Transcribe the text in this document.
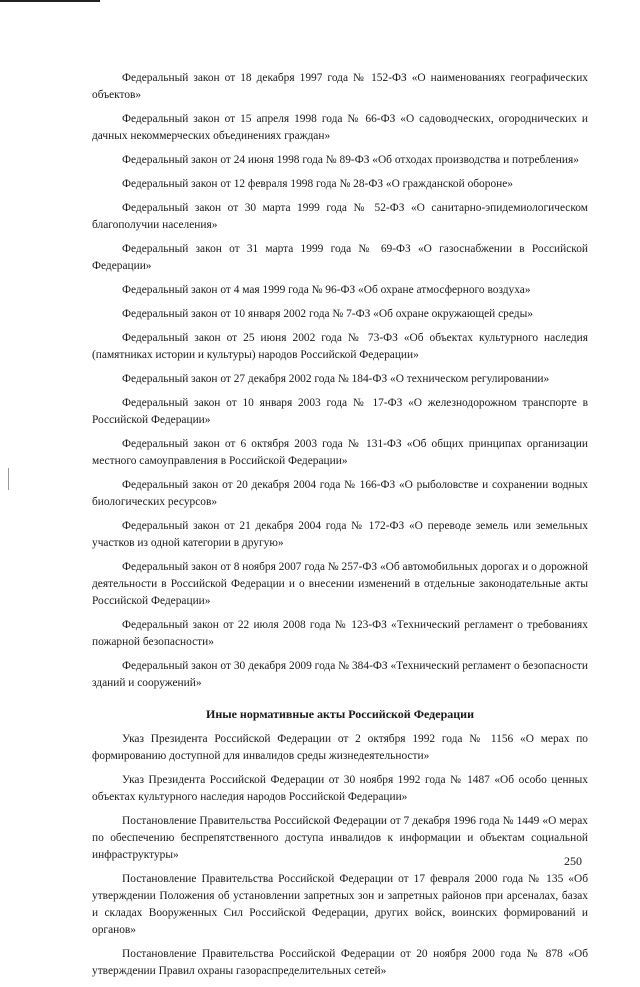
Федеральный закон от 18 декабря 1997 года № 152-ФЗ «О наименованиях географических объектов»

Федеральный закон от 15 апреля 1998 года № 66-ФЗ «О садоводческих, огороднических и дачных некоммерческих объединениях граждан»

Федеральный закон от 24 июня 1998 года № 89-ФЗ «Об отходах производства и потребления»

Федеральный закон от 12 февраля 1998 года № 28-ФЗ «О гражданской обороне»

Федеральный закон от 30 марта 1999 года № 52-ФЗ «О санитарно-эпидемиологическом благополучии населения»

Федеральный закон от 31 марта 1999 года № 69-ФЗ «О газоснабжении в Российской Федерации»

Федеральный закон от 4 мая 1999 года № 96-ФЗ «Об охране атмосферного воздуха»

Федеральный закон от 10 января 2002 года № 7-ФЗ «Об охране окружающей среды»

Федеральный закон от 25 июня 2002 года № 73-ФЗ «Об объектах культурного наследия (памятниках истории и культуры) народов Российской Федерации»

Федеральный закон от 27 декабря 2002 года № 184-ФЗ «О техническом регулировании»

Федеральный закон от 10 января 2003 года № 17-ФЗ «О железнодорожном транспорте в Российской Федерации»

Федеральный закон от 6 октября 2003 года № 131-ФЗ «Об общих принципах организации местного самоуправления в Российской Федерации»

Федеральный закон от 20 декабря 2004 года № 166-ФЗ «О рыболовстве и сохранении водных биологических ресурсов»

Федеральный закон от 21 декабря 2004 года № 172-ФЗ «О переводе земель или земельных участков из одной категории в другую»

Федеральный закон от 8 ноября 2007 года № 257-ФЗ «Об автомобильных дорогах и о дорожной деятельности в Российской Федерации и о внесении изменений в отдельные законодательные акты Российской Федерации»

Федеральный закон от 22 июля 2008 года № 123-ФЗ «Технический регламент о требованиях пожарной безопасности»

Федеральный закон от 30 декабря 2009 года № 384-ФЗ «Технический регламент о безопасности зданий и сооружений»

Иные нормативные акты Российской Федерации

Указ Президента Российской Федерации от 2 октября 1992 года № 1156 «О мерах по формированию доступной для инвалидов среды жизнедеятельности»

Указ Президента Российской Федерации от 30 ноября 1992 года № 1487 «Об особо ценных объектах культурного наследия народов Российской Федерации»

Постановление Правительства Российской Федерации от 7 декабря 1996 года № 1449 «О мерах по обеспечению беспрепятственного доступа инвалидов к информации и объектам социальной инфраструктуры»

Постановление Правительства Российской Федерации от 17 февраля 2000 года № 135 «Об утверждении Положения об установлении запретных зон и запретных районов при арсеналах, базах и складах Вооруженных Сил Российской Федерации, других войск, воинских формирований и органов»

Постановление Правительства Российской Федерации от 20 ноября 2000 года № 878 «Об утверждении Правил охраны газораспределительных сетей»

250
